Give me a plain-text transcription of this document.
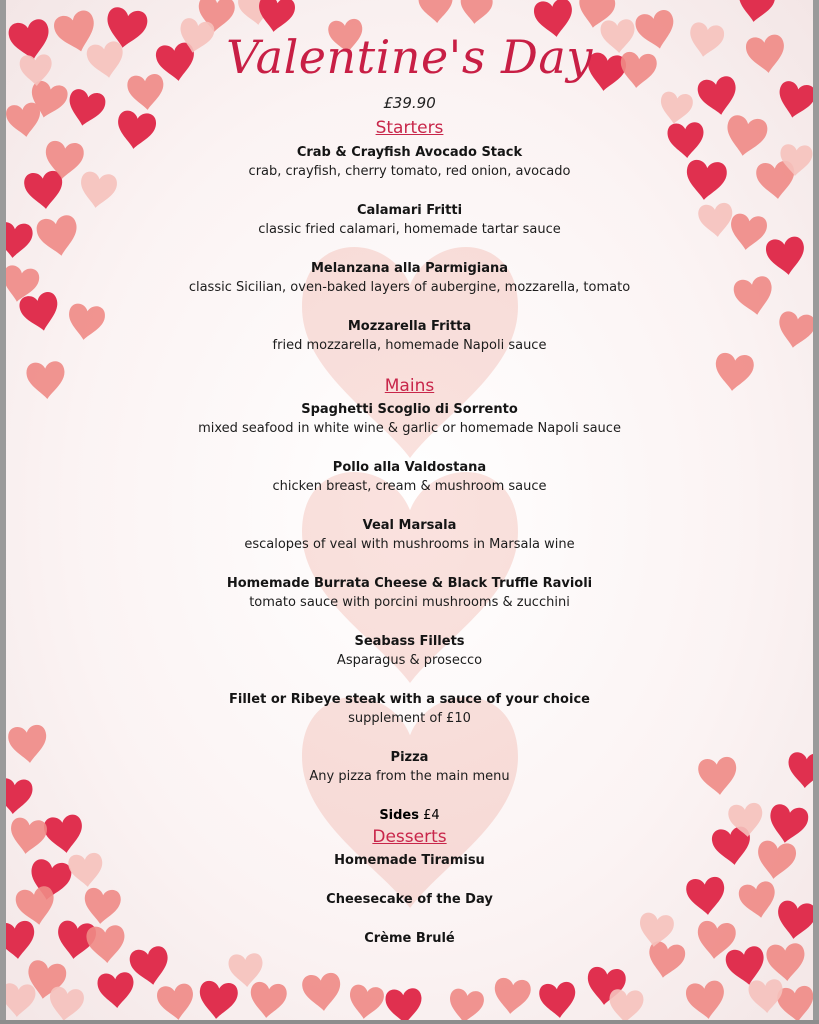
Valentine's Day
£39.90
Starters
Crab & Crayfish Avocado Stack
crab, crayfish, cherry tomato, red onion, avocado
Calamari Fritti
classic fried calamari, homemade tartar sauce
Melanzana alla Parmigiana
classic Sicilian, oven-baked layers of aubergine, mozzarella, tomato
Mozzarella Fritta
fried mozzarella, homemade Napoli sauce
Mains
Spaghetti Scoglio di Sorrento
mixed seafood in white wine & garlic or homemade Napoli sauce
Pollo alla Valdostana
chicken breast, cream & mushroom sauce
Veal Marsala
escalopes of veal with mushrooms in Marsala wine
Homemade Burrata Cheese & Black Truffle Ravioli
tomato sauce with porcini mushrooms & zucchini
Seabass Fillets
Asparagus & prosecco
Fillet or Ribeye steak with a sauce of your choice
supplement of £10
Pizza
Any pizza from the main menu
Sides £4
Desserts
Homemade Tiramisu
Cheesecake of the Day
Crème Brulé
